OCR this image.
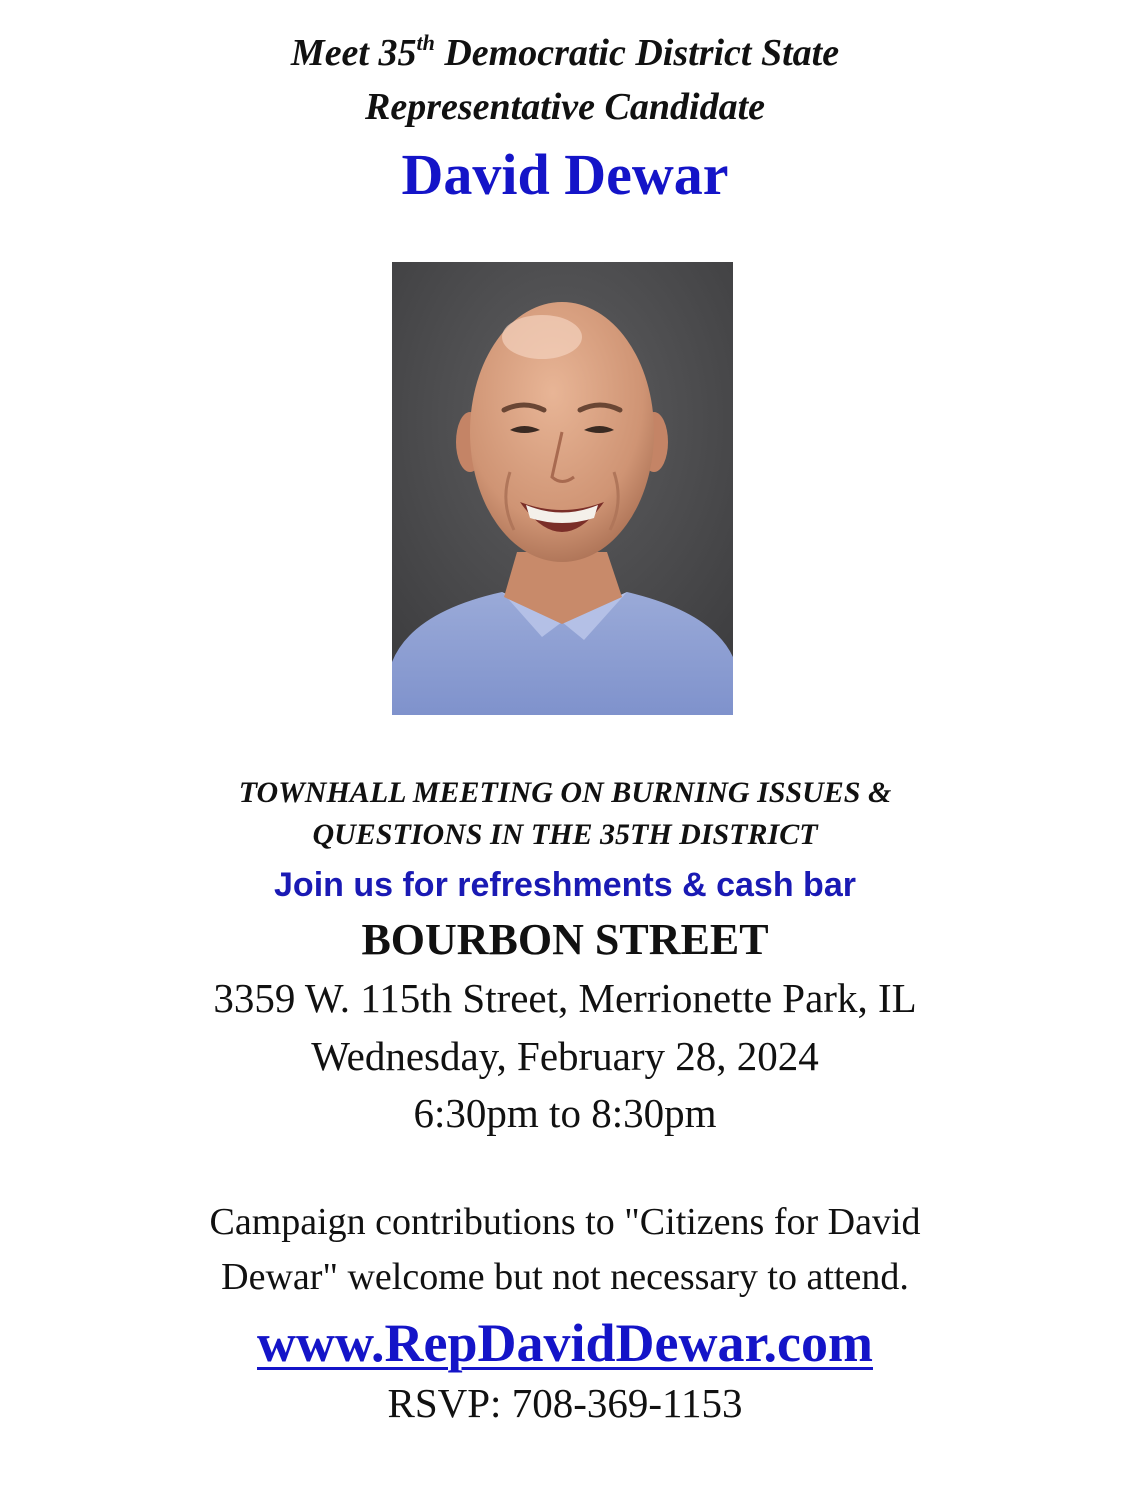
Meet 35th Democratic District State

Representative Candidate

David Dewar

TOWNHALL MEETING ON BURNING ISSUES &

QUESTIONS IN THE 35TH DISTRICT

Join us for refreshments & cash bar

BOURBON STREET

3359 W. 115th Street, Merrionette Park, IL

Wednesday, February 28, 2024

6:30pm to 8:30pm

Campaign contributions to "Citizens for David

Dewar" welcome but not necessary to attend.

www.RepDavidDewar.com

RSVP: 708-369-1153
